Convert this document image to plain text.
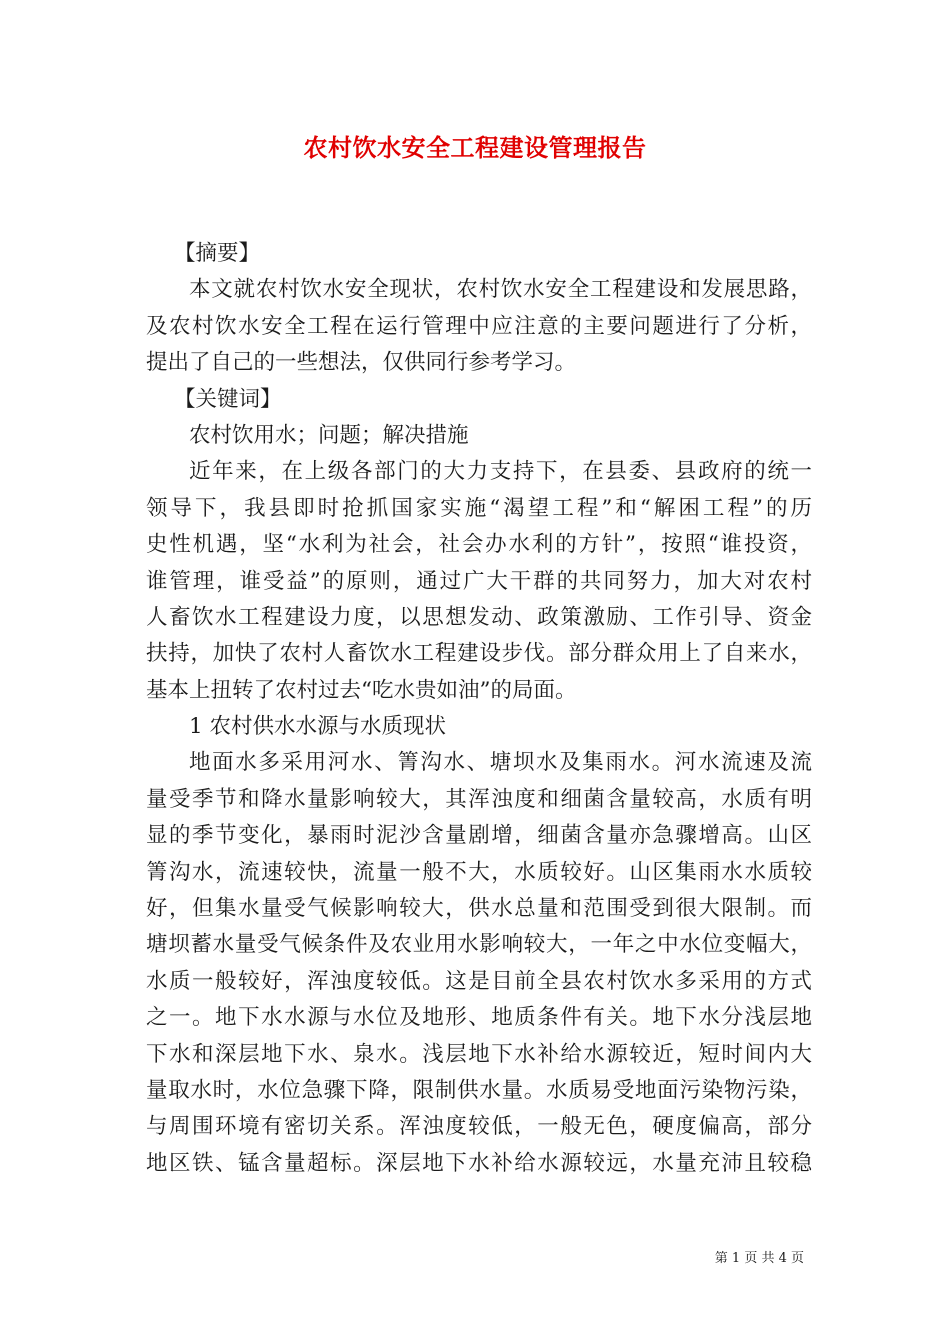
农村饮水安全工程建设管理报告
【摘要】
本文就农村饮水安全现状，农村饮水安全工程建设和发展思路，
及农村饮水安全工程在运行管理中应注意的主要问题进行了分析，
提出了自己的一些想法，仅供同行参考学习。
【关键词】
农村饮用水；问题；解决措施
近年来，在上级各部门的大力支持下，在县委、县政府的统一
领导下，我县即时抢抓国家实施“渴望工程”和“解困工程”的历
史性机遇，坚“水利为社会，社会办水利的方针”，按照“谁投资，
谁管理，谁受益”的原则，通过广大干群的共同努力，加大对农村
人畜饮水工程建设力度，以思想发动、政策激励、工作引导、资金
扶持，加快了农村人畜饮水工程建设步伐。部分群众用上了自来水，
基本上扭转了农村过去“吃水贵如油”的局面。
1 农村供水水源与水质现状
地面水多采用河水、箐沟水、塘坝水及集雨水。河水流速及流
量受季节和降水量影响较大，其浑浊度和细菌含量较高，水质有明
显的季节变化，暴雨时泥沙含量剧增，细菌含量亦急骤增高。山区
箐沟水，流速较快，流量一般不大，水质较好。山区集雨水水质较
好，但集水量受气候影响较大，供水总量和范围受到很大限制。而
塘坝蓄水量受气候条件及农业用水影响较大，一年之中水位变幅大，
水质一般较好，浑浊度较低。这是目前全县农村饮水多采用的方式
之一。地下水水源与水位及地形、地质条件有关。地下水分浅层地
下水和深层地下水、泉水。浅层地下水补给水源较近，短时间内大
量取水时，水位急骤下降，限制供水量。水质易受地面污染物污染，
与周围环境有密切关系。浑浊度较低，一般无色，硬度偏高，部分
地区铁、锰含量超标。深层地下水补给水源较远，水量充沛且较稳
第 1 页 共 4 页
